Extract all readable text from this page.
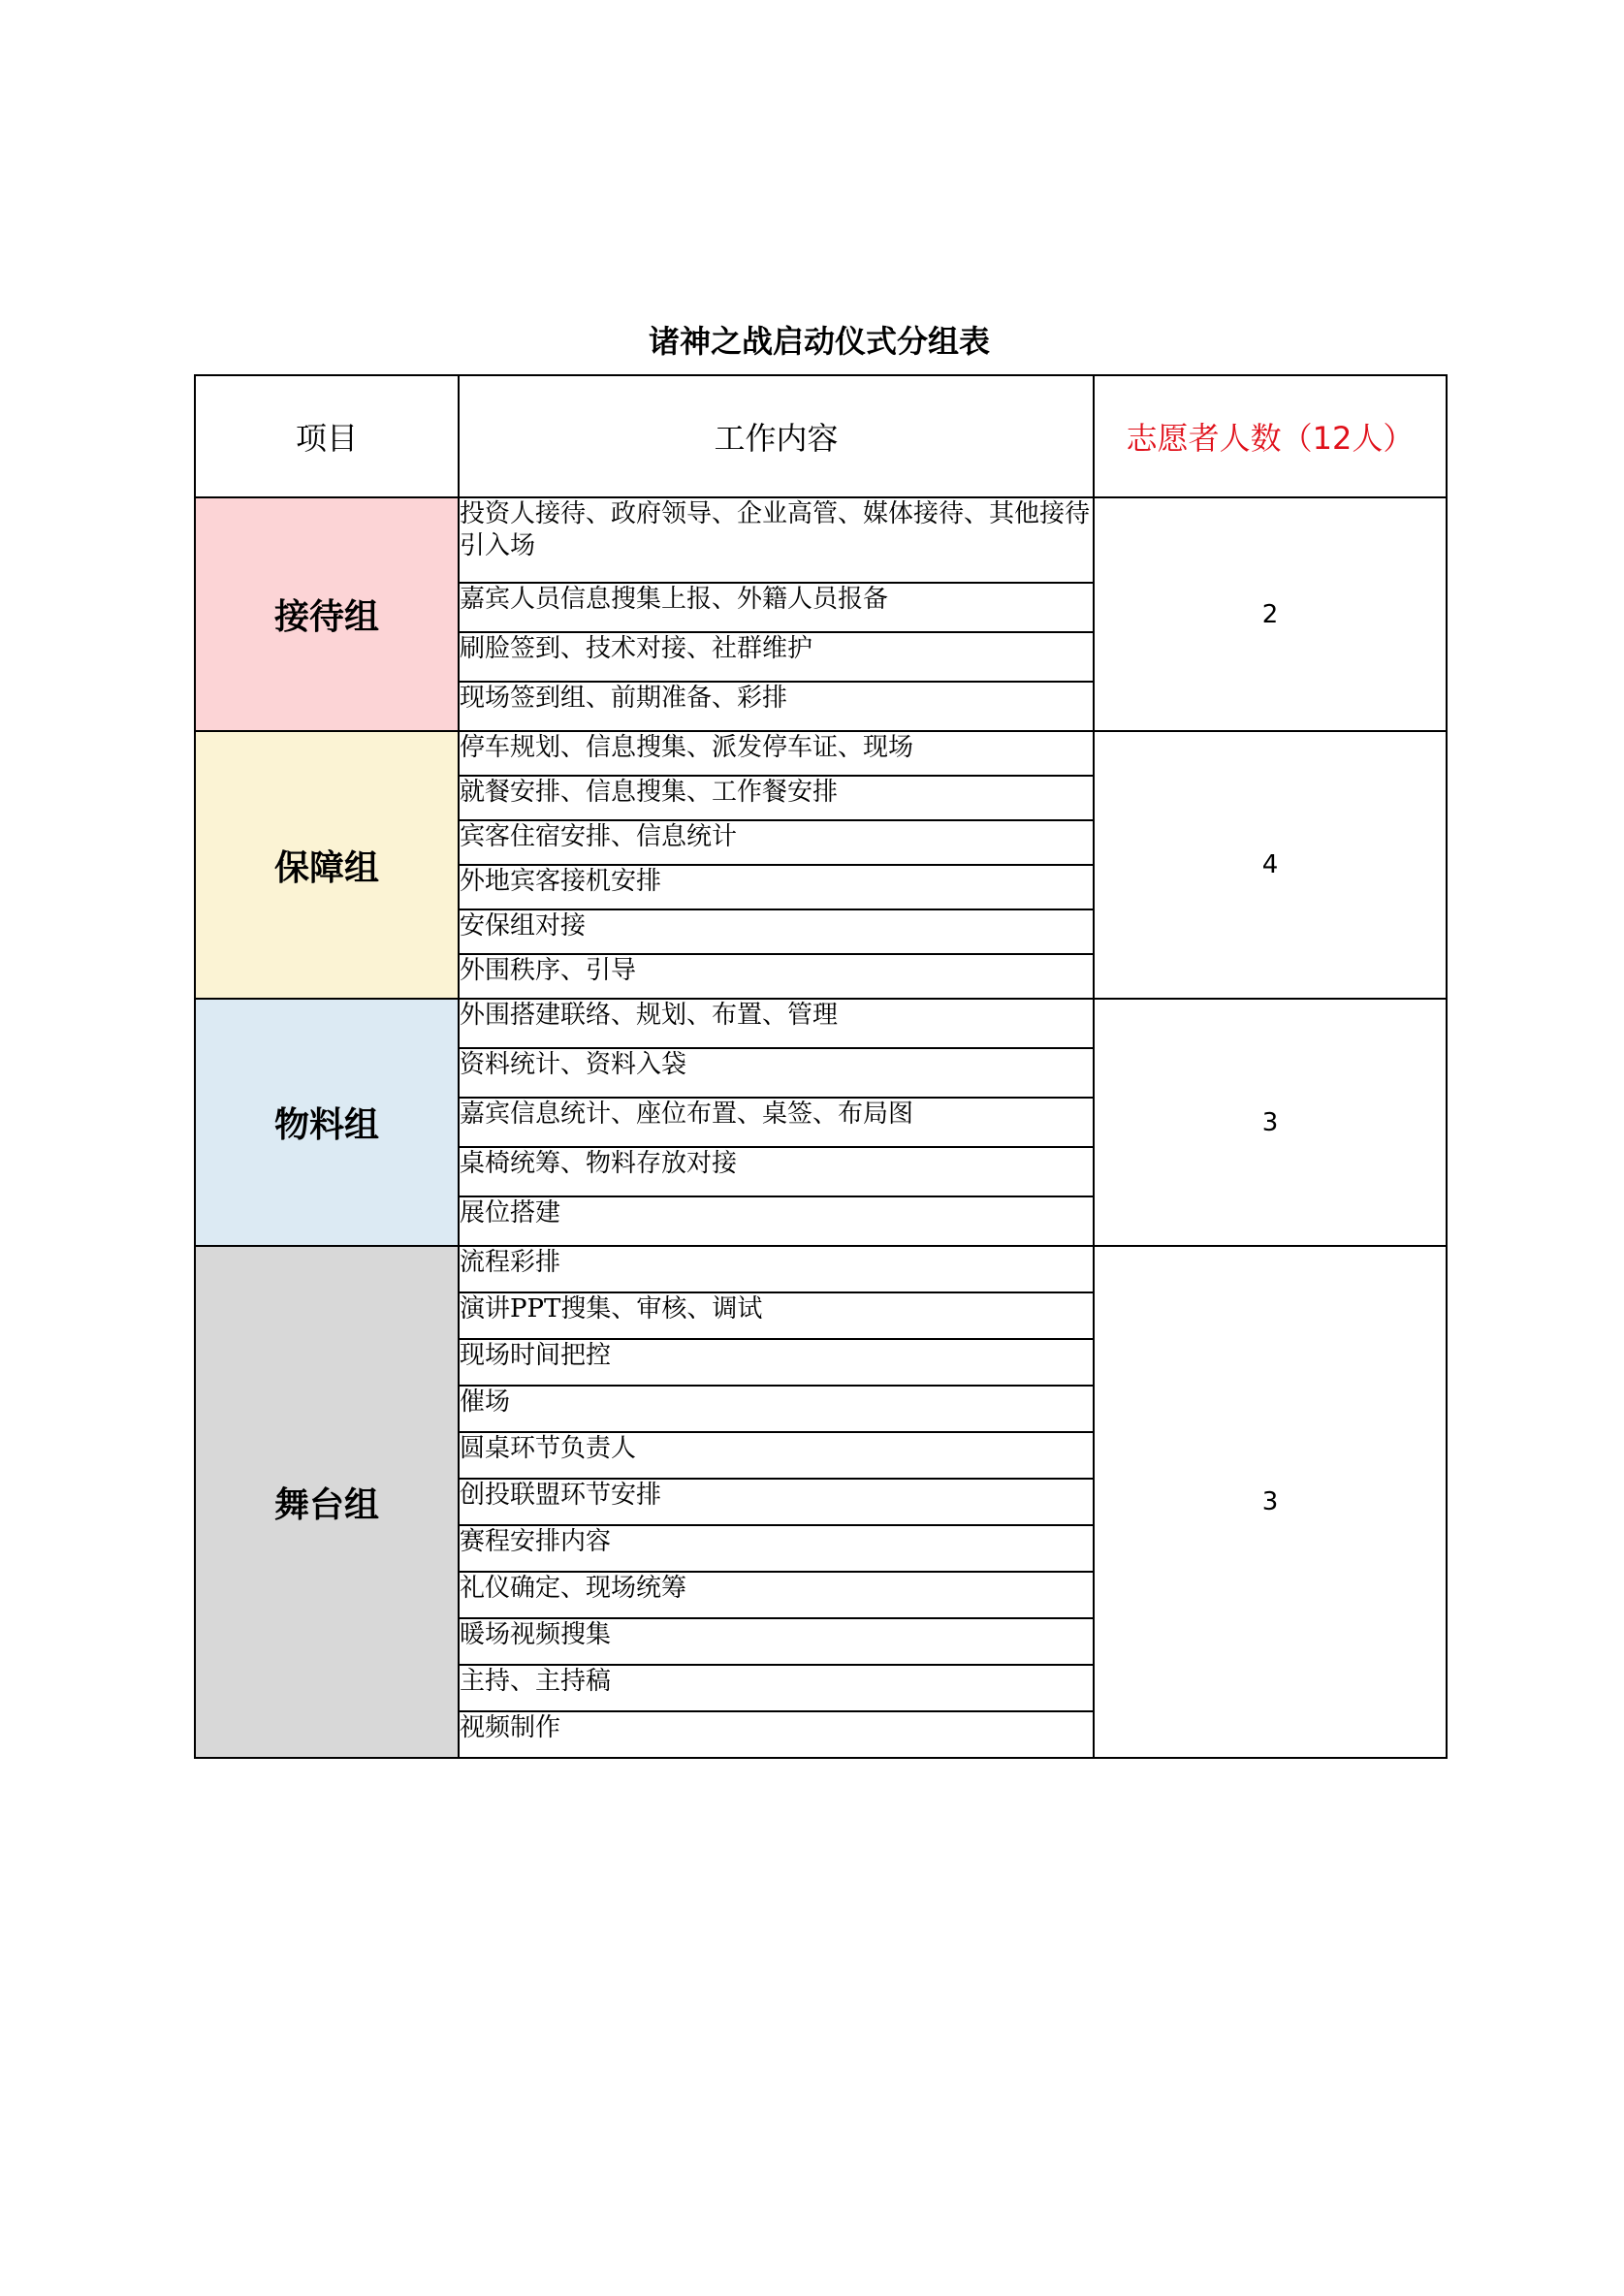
诸神之战启动仪式分组表
项目	工作内容	志愿者人数（12人）
接待组	投资人接待、政府领导、企业高管、媒体接待、其他接待引入场	2
	嘉宾人员信息搜集上报、外籍人员报备	
	刷脸签到、技术对接、社群维护	
	现场签到组、前期准备、彩排	
保障组	停车规划、信息搜集、派发停车证、现场	4
	就餐安排、信息搜集、工作餐安排	
	宾客住宿安排、信息统计	
	外地宾客接机安排	
	安保组对接	
	外围秩序、引导	
物料组	外围搭建联络、规划、布置、管理	3
	资料统计、资料入袋	
	嘉宾信息统计、座位布置、桌签、布局图	
	桌椅统筹、物料存放对接	
	展位搭建	
舞台组	流程彩排	3
	演讲PPT搜集、审核、调试	
	现场时间把控	
	催场	
	圆桌环节负责人	
	创投联盟环节安排	
	赛程安排内容	
	礼仪确定、现场统筹	
	暖场视频搜集	
	主持、主持稿	
	视频制作	
